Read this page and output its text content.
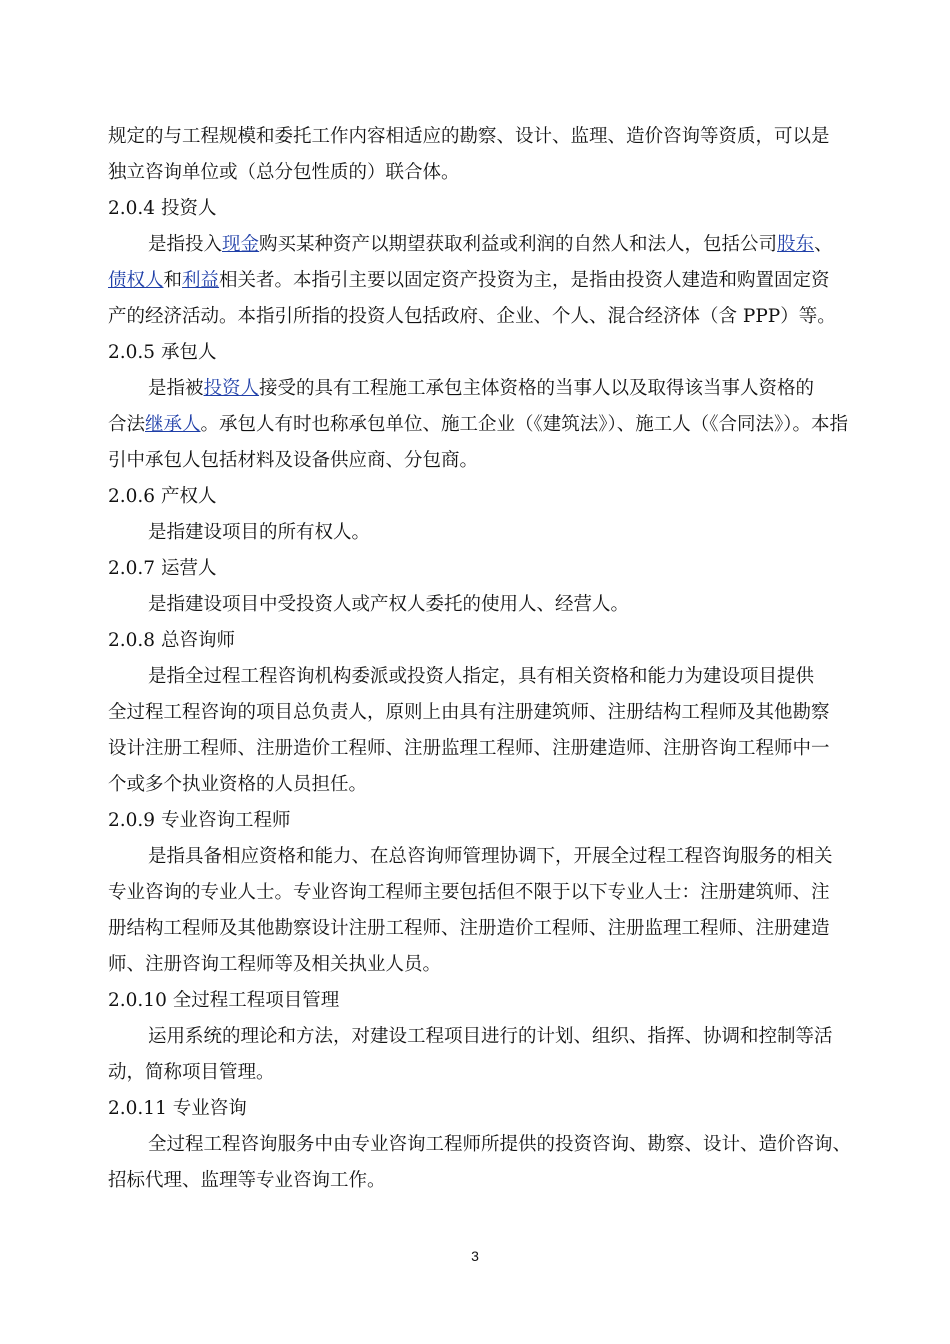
规定的与工程规模和委托工作内容相适应的勘察、设计、监理、造价咨询等资质，可以是
独立咨询单位或（总分包性质的）联合体。
2.0.4 投资人
是指投入现金购买某种资产以期望获取利益或利润的自然人和法人，包括公司股东、
债权人和利益相关者。本指引主要以固定资产投资为主，是指由投资人建造和购置固定资
产的经济活动。本指引所指的投资人包括政府、企业、个人、混合经济体（含 PPP）等。
2.0.5 承包人
是指被投资人接受的具有工程施工承包主体资格的当事人以及取得该当事人资格的
合法继承人。承包人有时也称承包单位、施工企业（《建筑法》）、施工人（《合同法》）。本指
引中承包人包括材料及设备供应商、分包商。
2.0.6 产权人
是指建设项目的所有权人。
2.0.7 运营人
是指建设项目中受投资人或产权人委托的使用人、经营人。
2.0.8 总咨询师
是指全过程工程咨询机构委派或投资人指定，具有相关资格和能力为建设项目提供
全过程工程咨询的项目总负责人，原则上由具有注册建筑师、注册结构工程师及其他勘察
设计注册工程师、注册造价工程师、注册监理工程师、注册建造师、注册咨询工程师中一
个或多个执业资格的人员担任。
2.0.9 专业咨询工程师
是指具备相应资格和能力、在总咨询师管理协调下，开展全过程工程咨询服务的相关
专业咨询的专业人士。专业咨询工程师主要包括但不限于以下专业人士：注册建筑师、注
册结构工程师及其他勘察设计注册工程师、注册造价工程师、注册监理工程师、注册建造
师、注册咨询工程师等及相关执业人员。
2.0.10 全过程工程项目管理
运用系统的理论和方法，对建设工程项目进行的计划、组织、指挥、协调和控制等活
动，简称项目管理。
2.0.11 专业咨询
全过程工程咨询服务中由专业咨询工程师所提供的投资咨询、勘察、设计、造价咨询、
招标代理、监理等专业咨询工作。
3
